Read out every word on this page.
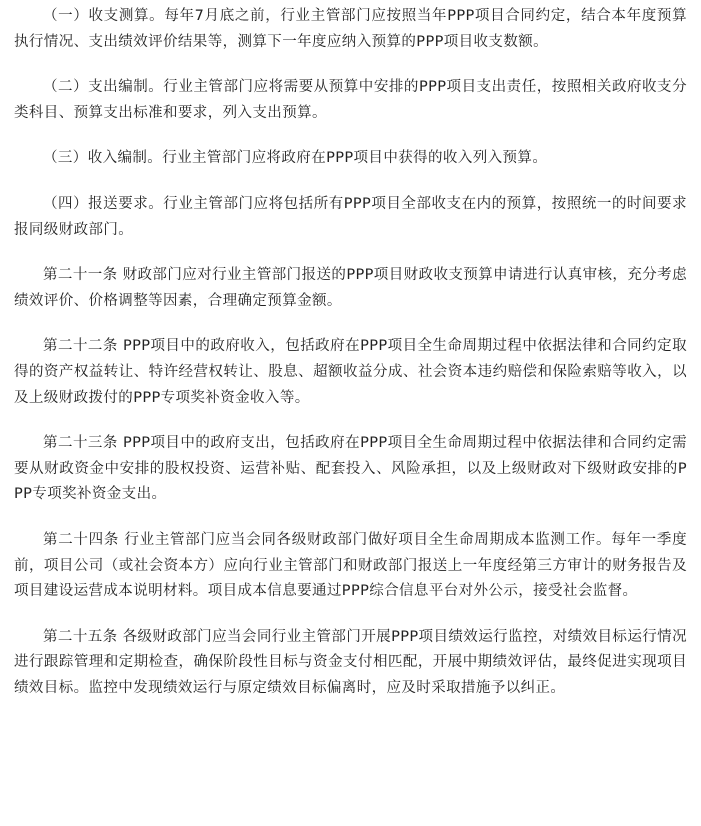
（一）收支测算。每年7月底之前，行业主管部门应按照当年PPP项目合同约定，结合本年度预算执行情况、支出绩效评价结果等，测算下一年度应纳入预算的PPP项目收支数额。

（二）支出编制。行业主管部门应将需要从预算中安排的PPP项目支出责任，按照相关政府收支分类科目、预算支出标准和要求，列入支出预算。

（三）收入编制。行业主管部门应将政府在PPP项目中获得的收入列入预算。

（四）报送要求。行业主管部门应将包括所有PPP项目全部收支在内的预算，按照统一的时间要求报同级财政部门。

第二十一条 财政部门应对行业主管部门报送的PPP项目财政收支预算申请进行认真审核，充分考虑绩效评价、价格调整等因素，合理确定预算金额。

第二十二条 PPP项目中的政府收入，包括政府在PPP项目全生命周期过程中依据法律和合同约定取得的资产权益转让、特许经营权转让、股息、超额收益分成、社会资本违约赔偿和保险索赔等收入，以及上级财政拨付的PPP专项奖补资金收入等。

第二十三条 PPP项目中的政府支出，包括政府在PPP项目全生命周期过程中依据法律和合同约定需要从财政资金中安排的股权投资、运营补贴、配套投入、风险承担，以及上级财政对下级财政安排的PPP专项奖补资金支出。

第二十四条 行业主管部门应当会同各级财政部门做好项目全生命周期成本监测工作。每年一季度前，项目公司（或社会资本方）应向行业主管部门和财政部门报送上一年度经第三方审计的财务报告及项目建设运营成本说明材料。项目成本信息要通过PPP综合信息平台对外公示，接受社会监督。

第二十五条 各级财政部门应当会同行业主管部门开展PPP项目绩效运行监控，对绩效目标运行情况进行跟踪管理和定期检查，确保阶段性目标与资金支付相匹配，开展中期绩效评估，最终促进实现项目绩效目标。监控中发现绩效运行与原定绩效目标偏离时，应及时采取措施予以纠正。
